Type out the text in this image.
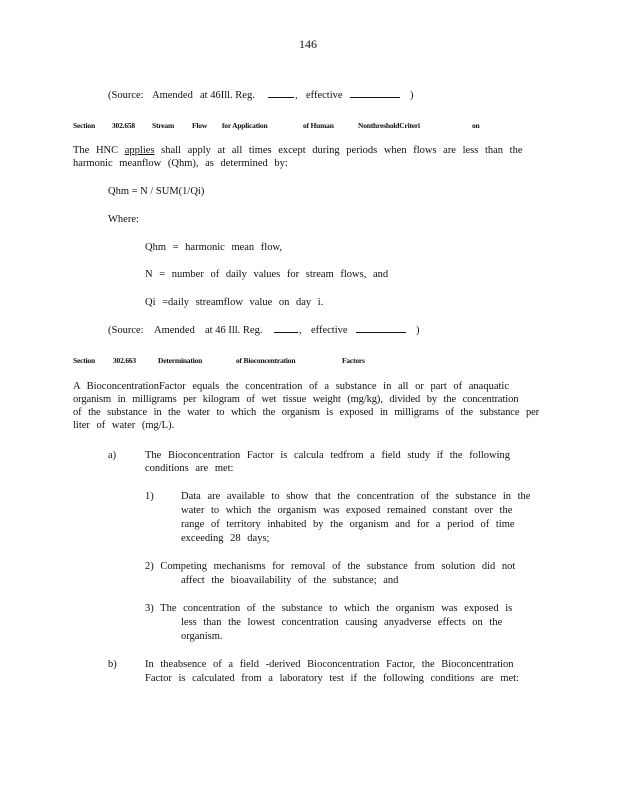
146
(Source: Amended at 46Ill. Reg.	, effective	)
Section 302.658 Stream Flow for Application	of Human	NonthresholdCriteri	on
The HNC applies shall apply at all times except during periods when flows are less than the
harmonic meanflow (Qhm), as determined by:
Qhm = N / SUM(1/Qi)
Where:
Qhm = harmonic mean flow,
N = number of daily values for stream flows, and
Qi =daily streamflow value on day i.
(Source: Amended at 46 Ill. Reg.	, effective	)
Section 302.663	Determination	of Bioconcentration	Factors
A BioconcentrationFactor equals the concentration of a substance in all or part of anaquatic
organism in milligrams per kilogram of wet tissue weight (mg/kg), divided by the concentration
of the substance in the water to which the organism is exposed in milligrams of the substance per
liter of water (mg/L).
a)	The Bioconcentration Factor is calcula tedfrom a field study if the following
conditions are met:
1)	Data are available to show that the concentration of the substance in the
water to which the organism was exposed remained constant over the
range of territory inhabited by the organism and for a period of time
exceeding 28 days;
2) Competing mechanisms for removal of the substance from solution did not
affect the bioavailability of the substance; and
3) The concentration of the substance to which the organism was exposed is
less than the lowest concentration causing anyadverse effects on the
organism.
b)	In theabsence of a field -derived Bioconcentration Factor, the Bioconcentration
Factor is calculated from a laboratory test if the following conditions are met:
